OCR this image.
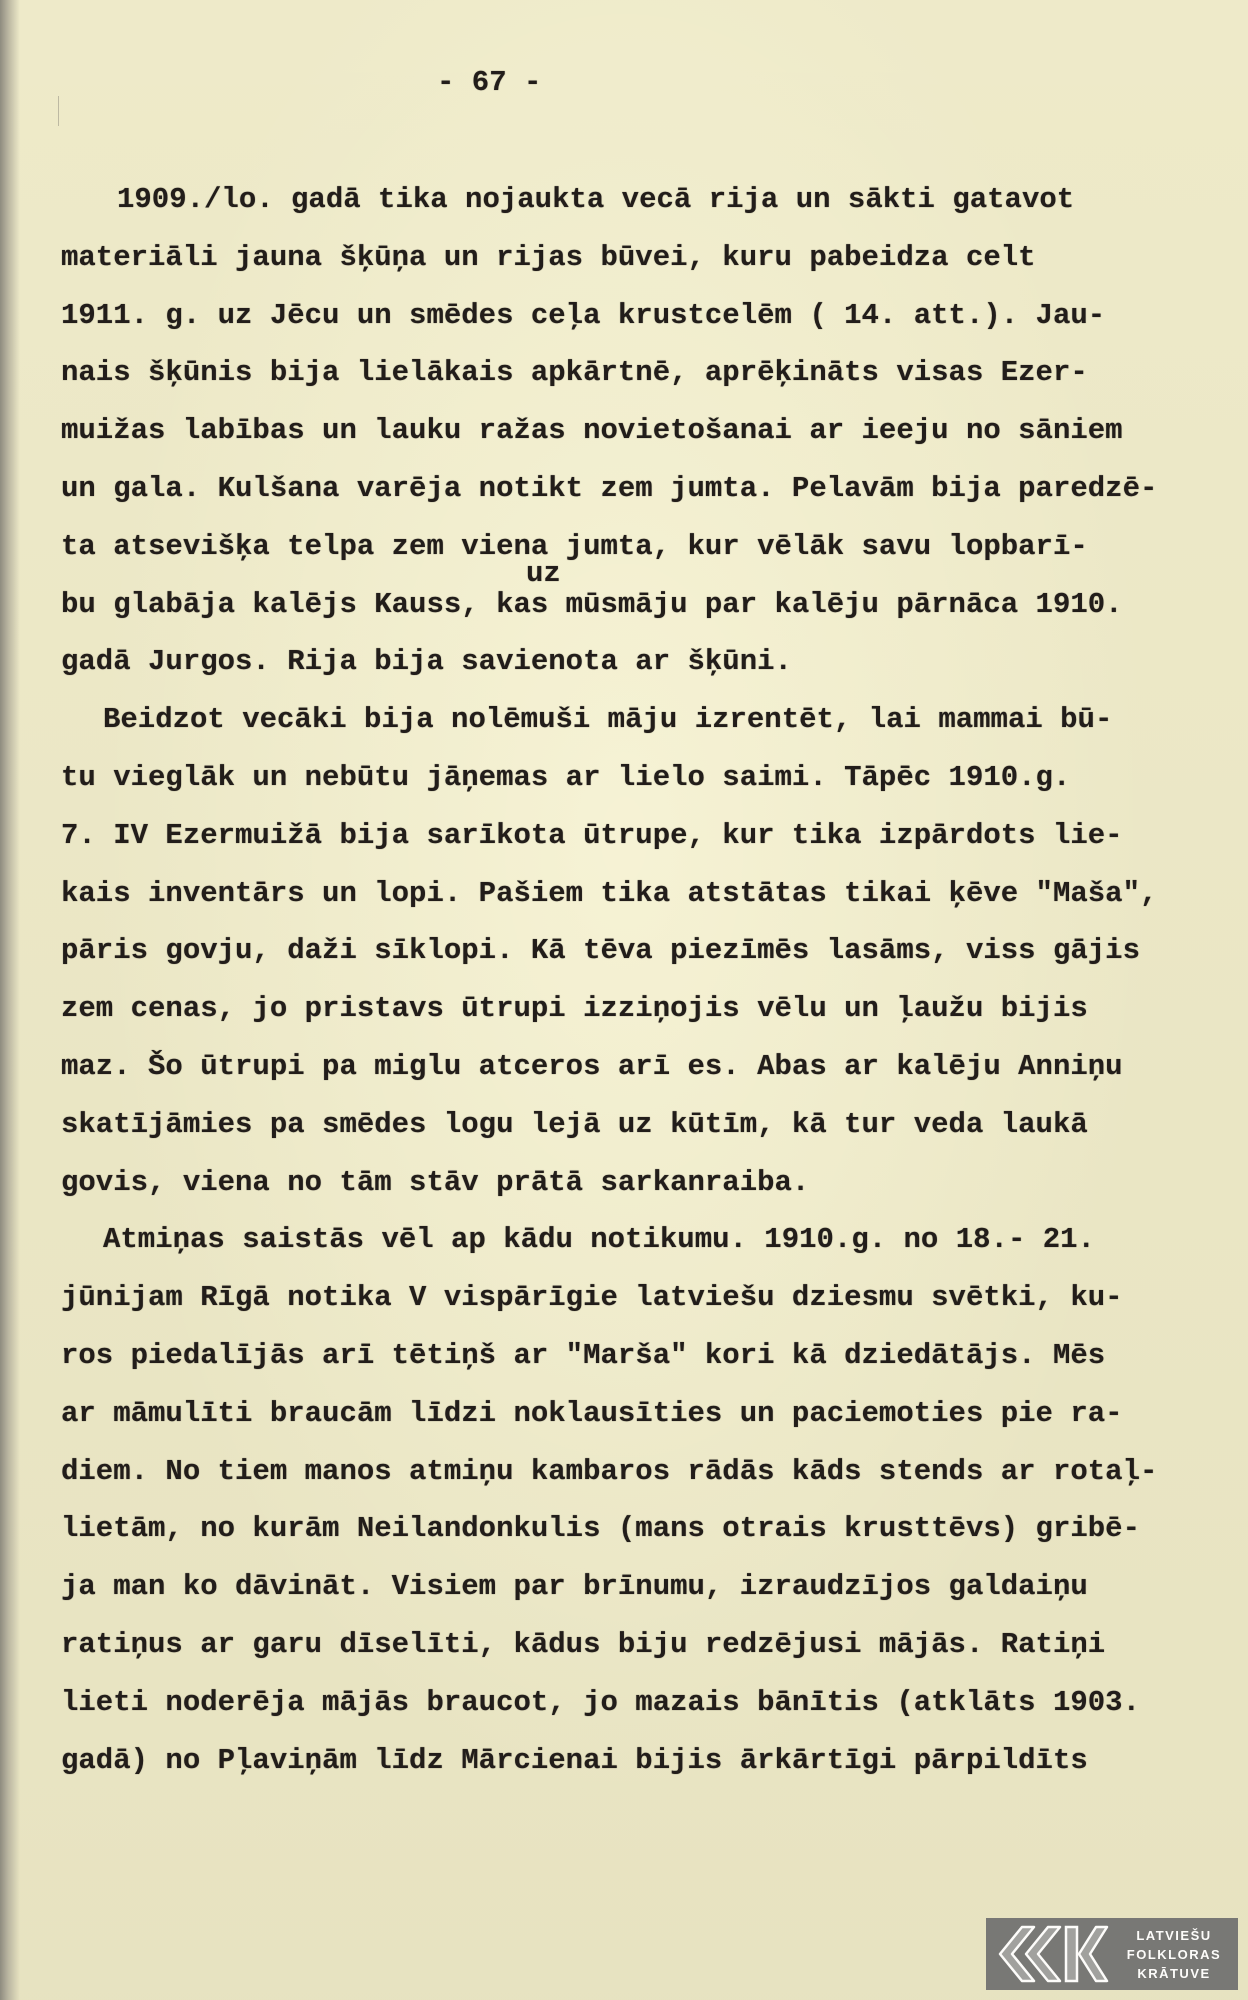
- 67 -
1909./lo. gadā tika nojaukta vecā rija un sākti gatavot
materiāli jauna šķūņa un rijas būvei, kuru pabeidza celt
1911. g. uz Jēcu un smēdes ceļa krustcelēm ( 14. att.). Jau-
nais šķūnis bija lielākais apkārtnē, aprēķināts visas Ezer-
muižas labības un lauku ražas novietošanai ar ieeju no sāniem
un gala. Kulšana varēja notikt zem jumta. Pelavām bija paredzē-
ta atsevišķa telpa zem viena jumta, kur vēlāk savu lopbarī-
bu glabāja kalējs Kauss, kas mūsmāju par kalēju pārnāca 1910.
gadā Jurgos. Rija bija savienota ar šķūni.
Beidzot vecāki bija nolēmuši māju izrentēt, lai mammai bū-
tu vieglāk un nebūtu jāņemas ar lielo saimi. Tāpēc 1910.g.
7. IV Ezermuižā bija sarīkota ūtrupe, kur tika izpārdots lie-
kais inventārs un lopi. Pašiem tika atstātas tikai ķēve "Maša",
pāris govju, daži sīklopi. Kā tēva piezīmēs lasāms, viss gājis
zem cenas, jo pristavs ūtrupi izziņojis vēlu un ļaužu bijis
maz. Šo ūtrupi pa miglu atceros arī es. Abas ar kalēju Anniņu
skatījāmies pa smēdes logu lejā uz kūtīm, kā tur veda laukā
govis, viena no tām stāv prātā sarkanraiba.
Atmiņas saistās vēl ap kādu notikumu. 1910.g. no 18.- 21.
jūnijam Rīgā notika V vispārīgie latviešu dziesmu svētki, ku-
ros piedalījās arī tētiņš ar "Marša" kori kā dziedātājs. Mēs
ar māmulīti braucām līdzi noklausīties un paciemoties pie ra-
diem. No tiem manos atmiņu kambaros rādās kāds stends ar rotaļ-
lietām, no kurām Neilandonkulis (mans otrais krusttēvs) gribē-
ja man ko dāvināt. Visiem par brīnumu, izraudzījos galdaiņu
ratiņus ar garu dīselīti, kādus biju redzējusi mājās. Ratiņi
lieti noderēja mājās braucot, jo mazais bānītis (atklāts 1903.
gadā) no Pļaviņām līdz Mārcienai bijis ārkārtīgi pārpildīts
uz
LATVIEŠU
FOLKLORAS
KRĀTUVE
